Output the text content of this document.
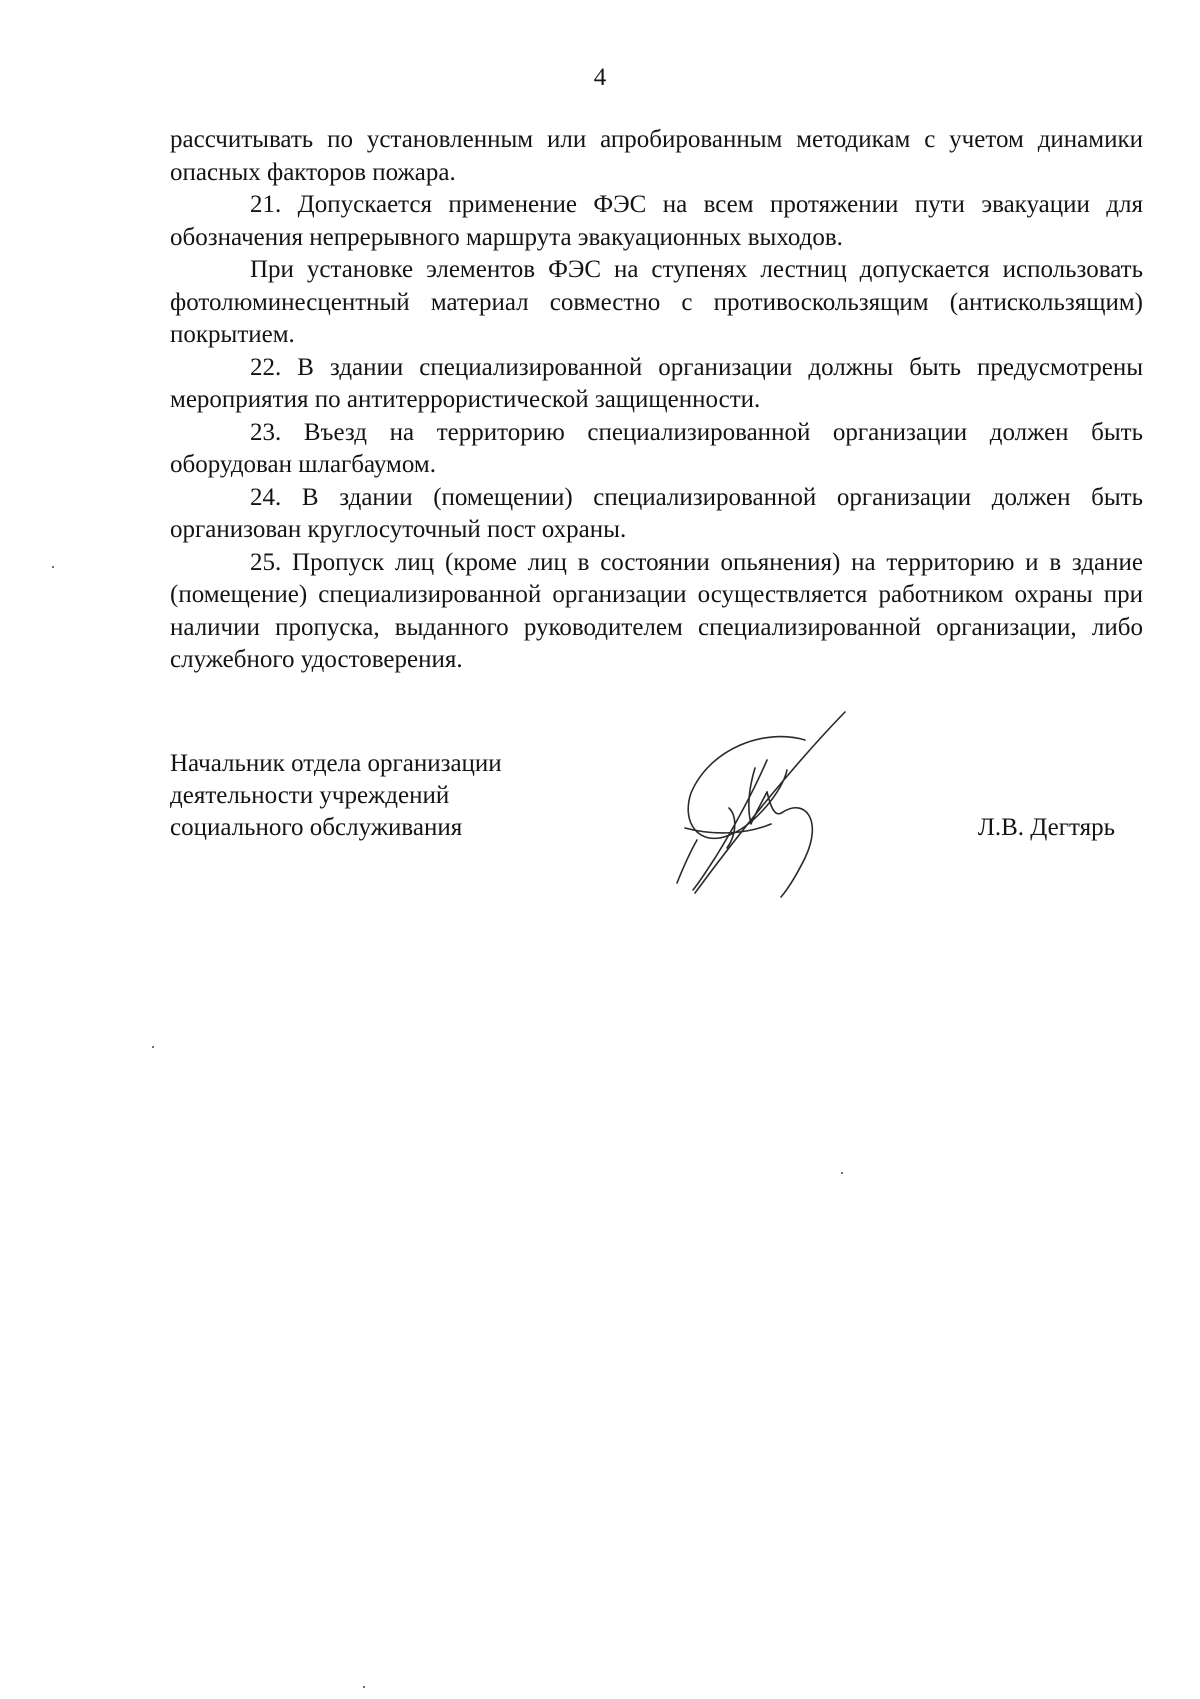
4

рассчитывать по установленным или апробированным методикам с учетом динамики опасных факторов пожара.

21. Допускается применение ФЭС на всем протяжении пути эвакуации для обозначения непрерывного маршрута эвакуационных выходов.

При установке элементов ФЭС на ступенях лестниц допускается использовать фотолюминесцентный материал совместно с противоскользящим (антискользящим) покрытием.

22. В здании специализированной организации должны быть предусмотрены мероприятия по антитеррористической защищенности.

23. Въезд на территорию специализированной организации должен быть оборудован шлагбаумом.

24. В здании (помещении) специализированной организации должен быть организован круглосуточный пост охраны.

25. Пропуск лиц (кроме лиц в состоянии опьянения) на территорию и в здание (помещение) специализированной организации осуществляется работником охраны при наличии пропуска, выданного руководителем специализированной организации, либо служебного удостоверения.

Начальник отдела организации
деятельности учреждений
социального обслуживания	Л.В. Дегтярь
